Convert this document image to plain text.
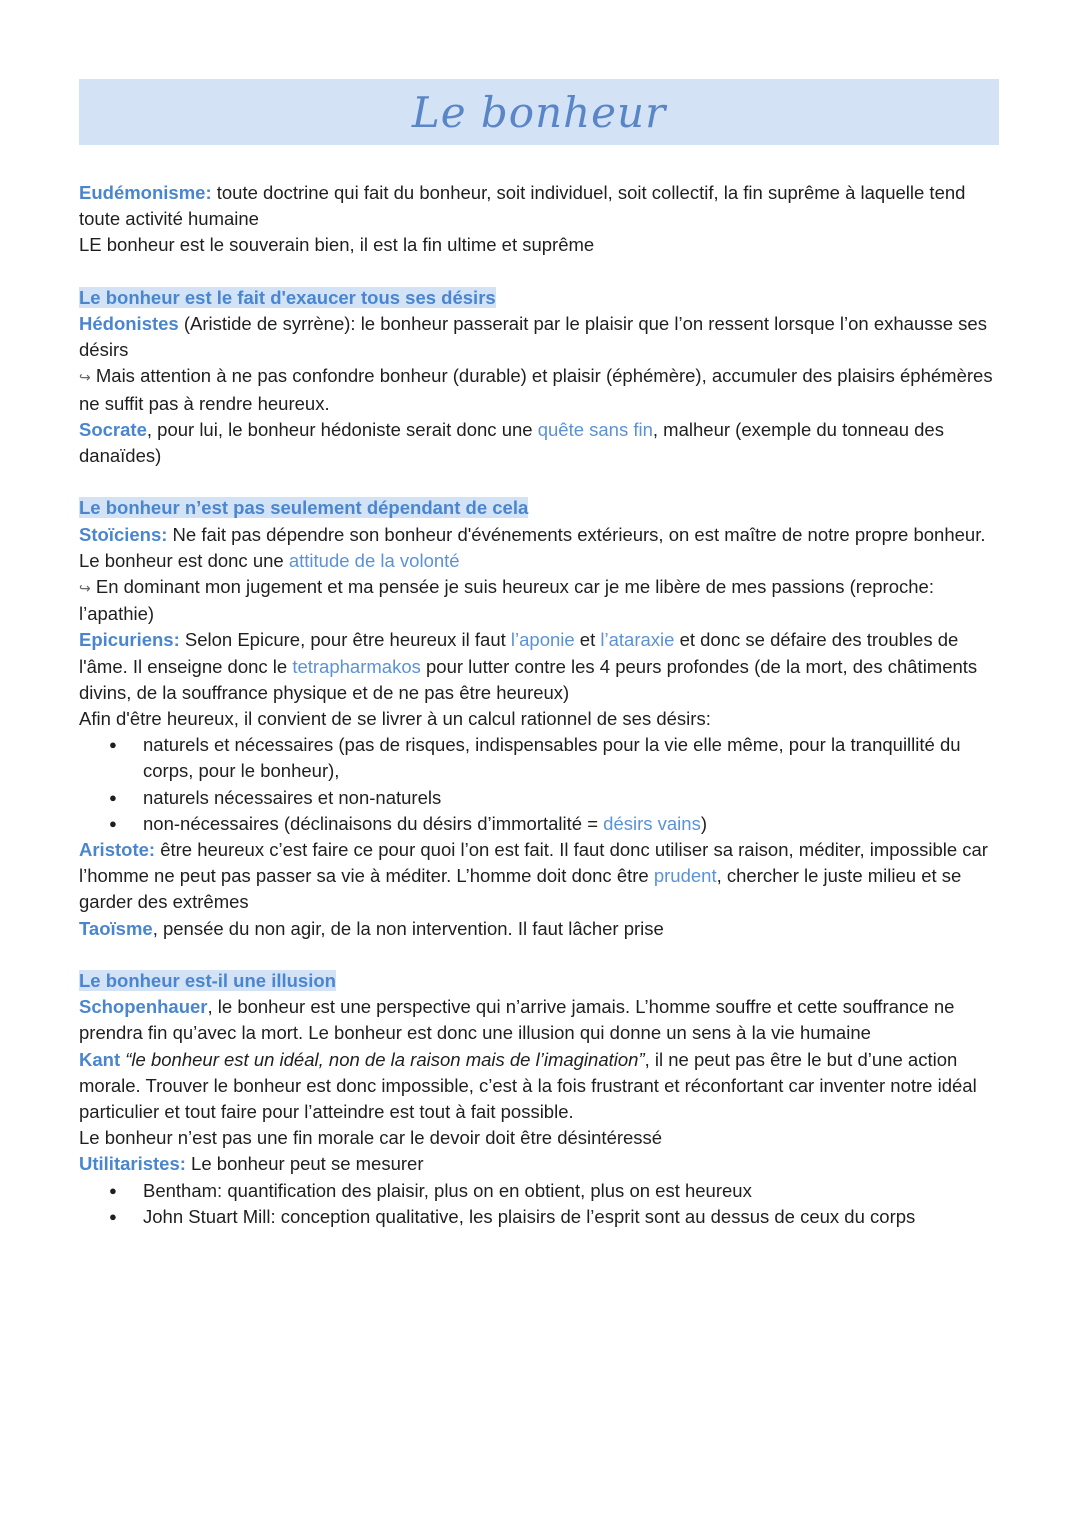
Le bonheur

Eudémonisme: toute doctrine qui fait du bonheur, soit individuel, soit collectif, la fin suprême à laquelle tend toute activité humaine

LE bonheur est le souverain bien, il est la fin ultime et suprême

Le bonheur est le fait d'exaucer tous ses désirs

Hédonistes (Aristide de syrrène): le bonheur passerait par le plaisir que l’on ressent lorsque l’on exhausse ses désirs

↪ Mais attention à ne pas confondre bonheur (durable) et plaisir (éphémère), accumuler des plaisirs éphémères ne suffit pas à rendre heureux.

Socrate, pour lui, le bonheur hédoniste serait donc une quête sans fin, malheur (exemple du tonneau des danaïdes)

Le bonheur n’est pas seulement dépendant de cela

Stoïciens: Ne fait pas dépendre son bonheur d'événements extérieurs, on est maître de notre propre bonheur. Le bonheur est donc une attitude de la volonté

↪ En dominant mon jugement et ma pensée je suis heureux car je me libère de mes passions (reproche: l’apathie)

Epicuriens: Selon Epicure, pour être heureux il faut l’aponie et l’ataraxie et donc se défaire des troubles de l'âme. Il enseigne donc le tetrapharmakos pour lutter contre les 4 peurs profondes (de la mort, des châtiments divins, de la souffrance physique et de ne pas être heureux)

Afin d'être heureux, il convient de se livrer à un calcul rationnel de ses désirs:

● naturels et nécessaires (pas de risques, indispensables pour la vie elle même, pour la tranquillité du corps, pour le bonheur),
● naturels nécessaires et non-naturels
● non-nécessaires (déclinaisons du désirs d’immortalité = désirs vains)

Aristote: être heureux c’est faire ce pour quoi l’on est fait. Il faut donc utiliser sa raison, méditer, impossible car l’homme ne peut pas passer sa vie à méditer. L’homme doit donc être prudent, chercher le juste milieu et se garder des extrêmes

Taoïsme, pensée du non agir, de la non intervention. Il faut lâcher prise

Le bonheur est-il une illusion

Schopenhauer, le bonheur est une perspective qui n’arrive jamais. L’homme souffre et cette souffrance ne prendra fin qu’avec la mort. Le bonheur est donc une illusion qui donne un sens à la vie humaine

Kant “le bonheur est un idéal, non de la raison mais de l’imagination”, il ne peut pas être le but d’une action morale. Trouver le bonheur est donc impossible, c’est à la fois frustrant et réconfortant car inventer notre idéal particulier et tout faire pour l’atteindre est tout à fait possible.

Le bonheur n’est pas une fin morale car le devoir doit être désintéressé

Utilitaristes: Le bonheur peut se mesurer

● Bentham: quantification des plaisir, plus on en obtient, plus on est heureux
● John Stuart Mill: conception qualitative, les plaisirs de l’esprit sont au dessus de ceux du corps
